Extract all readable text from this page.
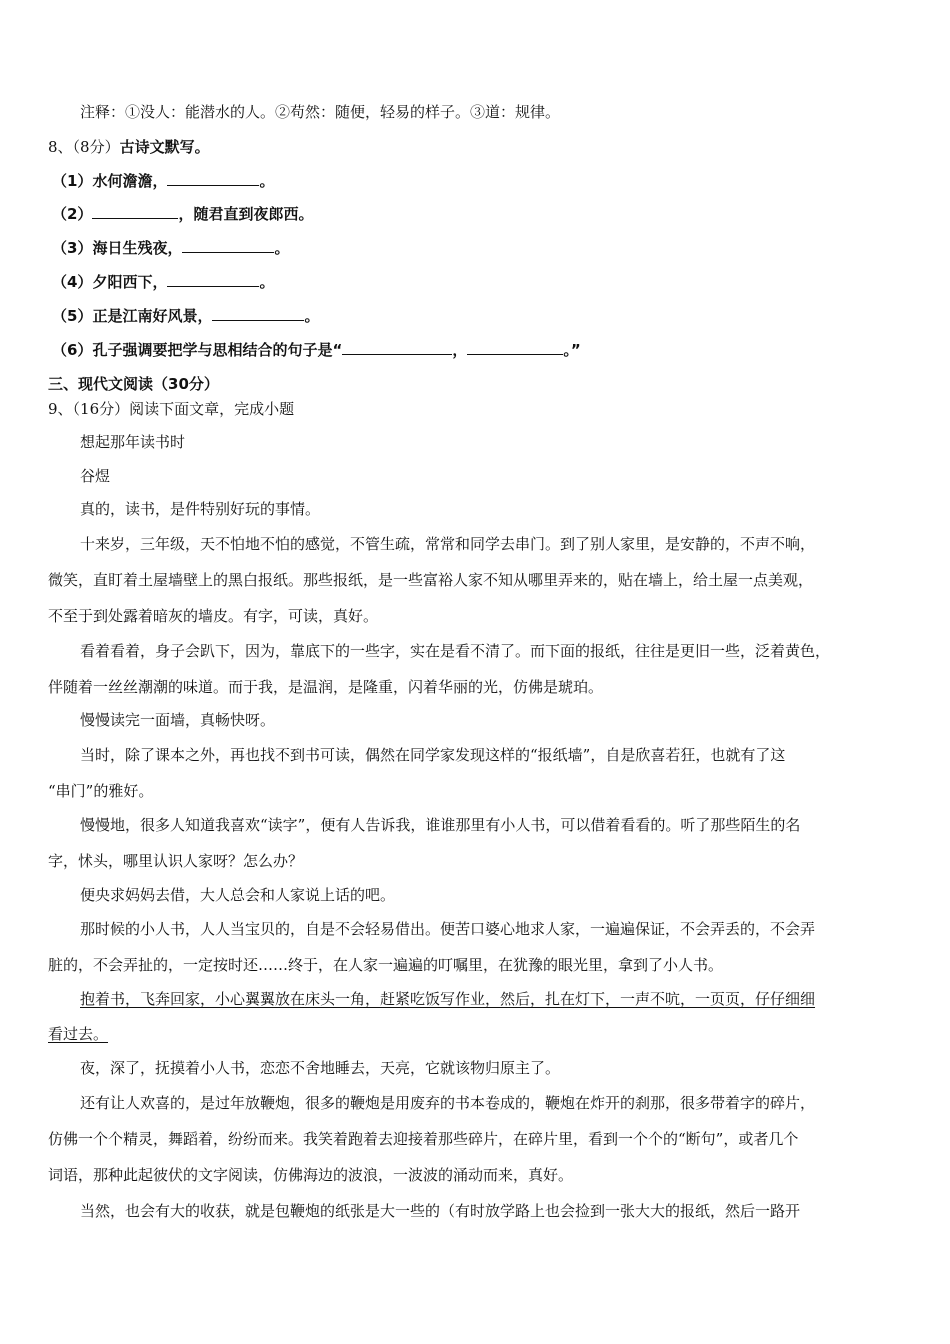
注释：①没人：能潜水的人。②苟然：随便，轻易的样子。③道：规律。
8、（8分）古诗文默写。
（1）水何澹澹，	。
（2）	，随君直到夜郎西。
（3）海日生残夜，	。
（4）夕阳西下，	。
（5）正是江南好风景，	。
（6）孔子强调要把学与思相结合的句子是“	，	。”
三、现代文阅读（30分）
9、（16分）阅读下面文章，完成小题
想起那年读书时
谷煜
真的，读书，是件特别好玩的事情。
十来岁，三年级，天不怕地不怕的感觉，不管生疏，常常和同学去串门。到了别人家里，是安静的，不声不响，
微笑，直盯着土屋墙壁上的黑白报纸。那些报纸，是一些富裕人家不知从哪里弄来的，贴在墙上，给土屋一点美观，
不至于到处露着暗灰的墙皮。有字，可读，真好。
看着看着，身子会趴下，因为，靠底下的一些字，实在是看不清了。而下面的报纸，往往是更旧一些，泛着黄色，
伴随着一丝丝潮潮的味道。而于我，是温润，是隆重，闪着华丽的光，仿佛是琥珀。
慢慢读完一面墙，真畅快呀。
当时，除了课本之外，再也找不到书可读，偶然在同学家发现这样的“报纸墙”，自是欣喜若狂，也就有了这
“串门”的雅好。
慢慢地，很多人知道我喜欢“读字”，便有人告诉我，谁谁那里有小人书，可以借着看看的。听了那些陌生的名
字，怵头，哪里认识人家呀？怎么办？
便央求妈妈去借，大人总会和人家说上话的吧。
那时候的小人书，人人当宝贝的，自是不会轻易借出。便苦口婆心地求人家，一遍遍保证，不会弄丢的，不会弄
脏的，不会弄扯的，一定按时还……终于，在人家一遍遍的叮嘱里，在犹豫的眼光里，拿到了小人书。
抱着书，飞奔回家，小心翼翼放在床头一角，赶紧吃饭写作业，然后，扎在灯下，一声不吭，一页页，仔仔细细
看过去。
夜，深了，抚摸着小人书，恋恋不舍地睡去，天亮，它就该物归原主了。
还有让人欢喜的，是过年放鞭炮，很多的鞭炮是用废弃的书本卷成的，鞭炮在炸开的刹那，很多带着字的碎片，
仿佛一个个精灵，舞蹈着，纷纷而来。我笑着跑着去迎接着那些碎片，在碎片里，看到一个个的“断句”，或者几个
词语，那种此起彼伏的文字阅读，仿佛海边的波浪，一波波的涌动而来，真好。
当然，也会有大的收获，就是包鞭炮的纸张是大一些的（有时放学路上也会捡到一张大大的报纸，然后一路开
